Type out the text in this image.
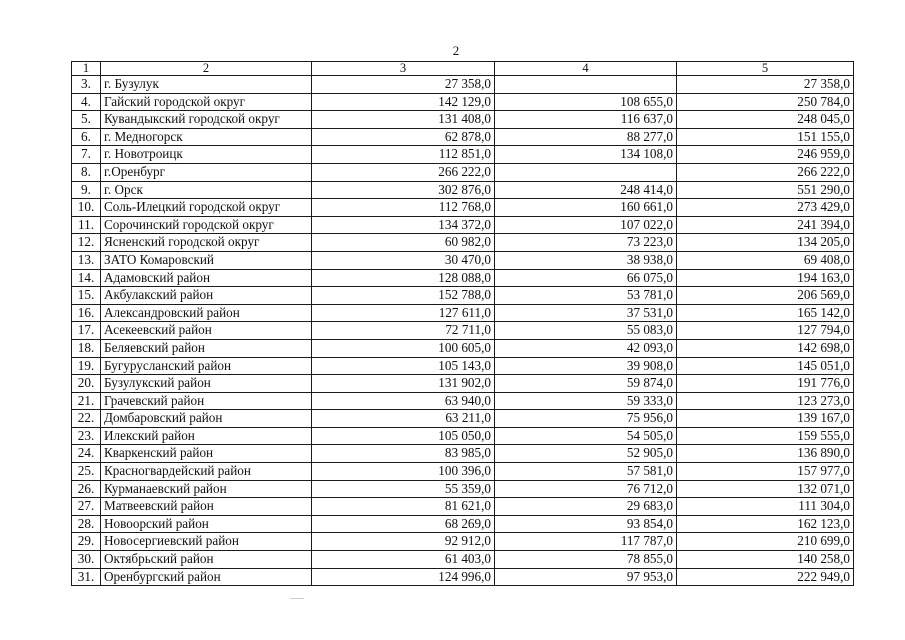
2
1	2	3	4	5
3.	г. Бузулук	27 358,0		27 358,0
4.	Гайский городской округ	142 129,0	108 655,0	250 784,0
5.	Кувандыкский городской округ	131 408,0	116 637,0	248 045,0
6.	г. Медногорск	62 878,0	88 277,0	151 155,0
7.	г. Новотроицк	112 851,0	134 108,0	246 959,0
8.	г.Оренбург	266 222,0		266 222,0
9.	г. Орск	302 876,0	248 414,0	551 290,0
10.	Соль-Илецкий городской округ	112 768,0	160 661,0	273 429,0
11.	Сорочинский городской округ	134 372,0	107 022,0	241 394,0
12.	Ясненский городской округ	60 982,0	73 223,0	134 205,0
13.	ЗАТО Комаровский	30 470,0	38 938,0	69 408,0
14.	Адамовский район	128 088,0	66 075,0	194 163,0
15.	Акбулакский район	152 788,0	53 781,0	206 569,0
16.	Александровский район	127 611,0	37 531,0	165 142,0
17.	Асекеевский район	72 711,0	55 083,0	127 794,0
18.	Беляевский район	100 605,0	42 093,0	142 698,0
19.	Бугурусланский район	105 143,0	39 908,0	145 051,0
20.	Бузулукский район	131 902,0	59 874,0	191 776,0
21.	Грачевский район	63 940,0	59 333,0	123 273,0
22.	Домбаровский район	63 211,0	75 956,0	139 167,0
23.	Илекский район	105 050,0	54 505,0	159 555,0
24.	Кваркенский район	83 985,0	52 905,0	136 890,0
25.	Красногвардейский район	100 396,0	57 581,0	157 977,0
26.	Курманаевский район	55 359,0	76 712,0	132 071,0
27.	Матвеевский район	81 621,0	29 683,0	111 304,0
28.	Новоорский район	68 269,0	93 854,0	162 123,0
29.	Новосергиевский район	92 912,0	117 787,0	210 699,0
30.	Октябрьский район	61 403,0	78 855,0	140 258,0
31.	Оренбургский район	124 996,0	97 953,0	222 949,0
